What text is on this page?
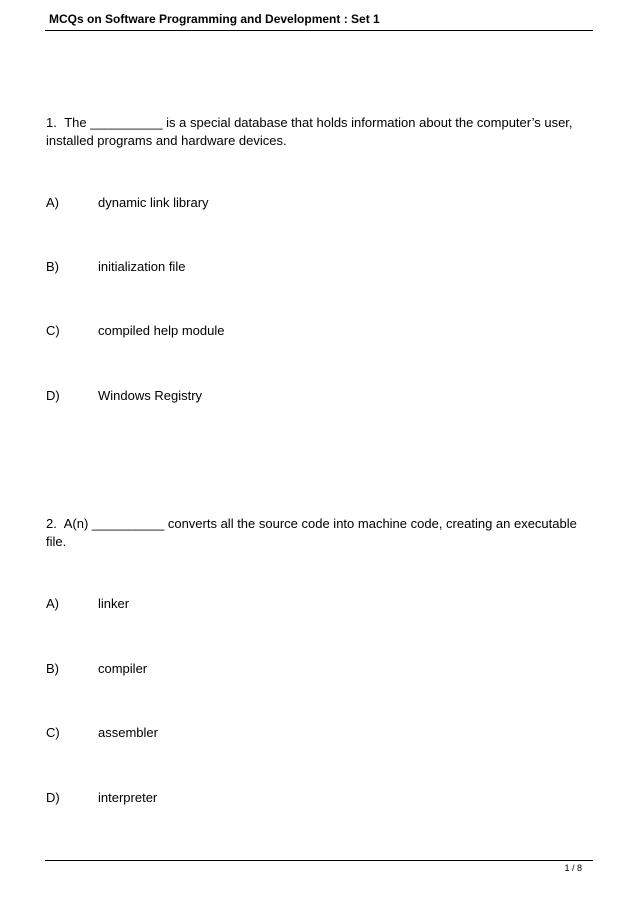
MCQs on Software Programming and Development : Set 1
1. The __________ is a special database that holds information about the computer’s user, installed programs and hardware devices.
A)	dynamic link library
B)	initialization file
C)	compiled help module
D)	Windows Registry
2. A(n) __________ converts all the source code into machine code, creating an executable file.
A)	linker
B)	compiler
C)	assembler
D)	interpreter
1 / 8
